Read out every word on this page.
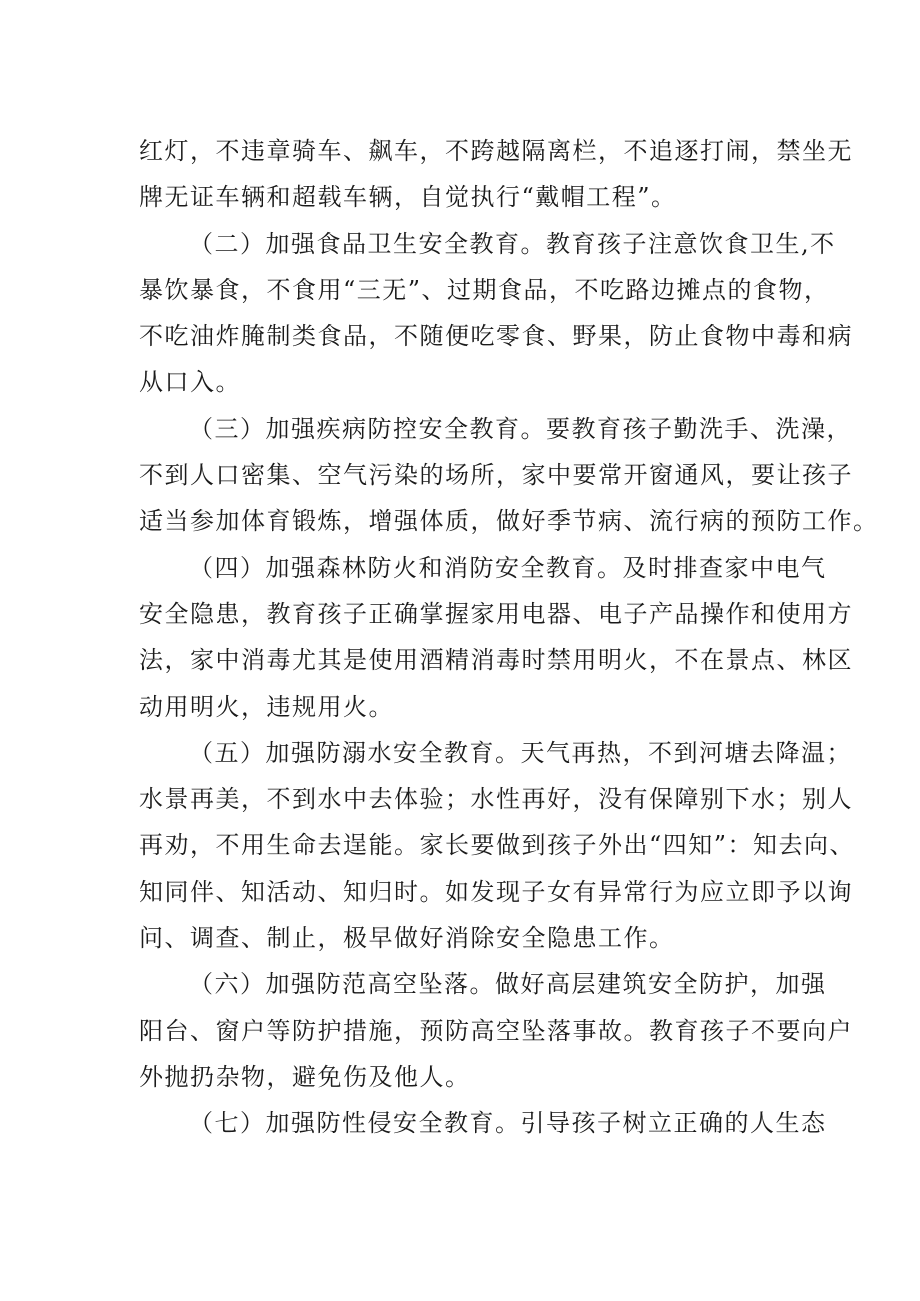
红灯，不违章骑车、飙车，不跨越隔离栏，不追逐打闹，禁坐无
牌无证车辆和超载车辆，自觉执行“戴帽工程”。
（二）加强食品卫生安全教育。教育孩子注意饮食卫生,不
暴饮暴食，不食用“三无”、过期食品，不吃路边摊点的食物，
不吃油炸腌制类食品，不随便吃零食、野果，防止食物中毒和病
从口入。
（三）加强疾病防控安全教育。要教育孩子勤洗手、洗澡，
不到人口密集、空气污染的场所，家中要常开窗通风，要让孩子
适当参加体育锻炼，增强体质，做好季节病、流行病的预防工作。
（四）加强森林防火和消防安全教育。及时排查家中电气
安全隐患，教育孩子正确掌握家用电器、电子产品操作和使用方
法，家中消毒尤其是使用酒精消毒时禁用明火，不在景点、林区
动用明火，违规用火。
（五）加强防溺水安全教育。天气再热，不到河塘去降温；
水景再美，不到水中去体验；水性再好，没有保障别下水；别人
再劝，不用生命去逞能。家长要做到孩子外出“四知”：知去向、
知同伴、知活动、知归时。如发现子女有异常行为应立即予以询
问、调查、制止，极早做好消除安全隐患工作。
（六）加强防范高空坠落。做好高层建筑安全防护，加强
阳台、窗户等防护措施，预防高空坠落事故。教育孩子不要向户
外抛扔杂物，避免伤及他人。
（七）加强防性侵安全教育。引导孩子树立正确的人生态
